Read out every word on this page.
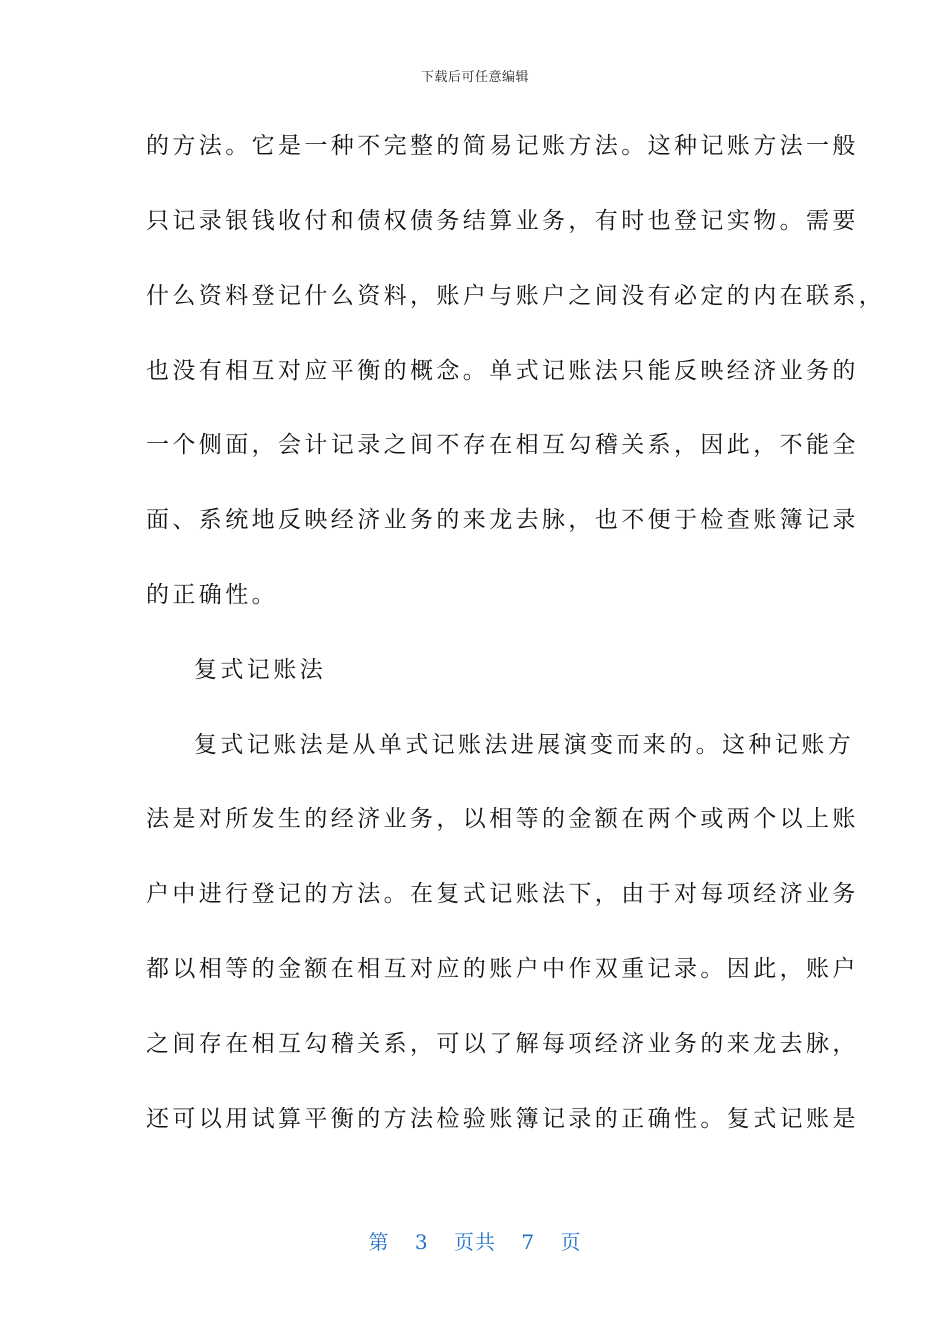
下载后可任意编辑
的方法。它是一种不完整的简易记账方法。这种记账方法一般
只记录银钱收付和债权债务结算业务，有时也登记实物。需要
什么资料登记什么资料，账户与账户之间没有必定的内在联系，
也没有相互对应平衡的概念。单式记账法只能反映经济业务的
一个侧面，会计记录之间不存在相互勾稽关系，因此，不能全
面、系统地反映经济业务的来龙去脉，也不便于检查账簿记录
的正确性。
复式记账法
复式记账法是从单式记账法进展演变而来的。这种记账方
法是对所发生的经济业务，以相等的金额在两个或两个以上账
户中进行登记的方法。在复式记账法下，由于对每项经济业务
都以相等的金额在相互对应的账户中作双重记录。因此，账户
之间存在相互勾稽关系，可以了解每项经济业务的来龙去脉，
还可以用试算平衡的方法检验账簿记录的正确性。复式记账是
第 3 页共 7 页
